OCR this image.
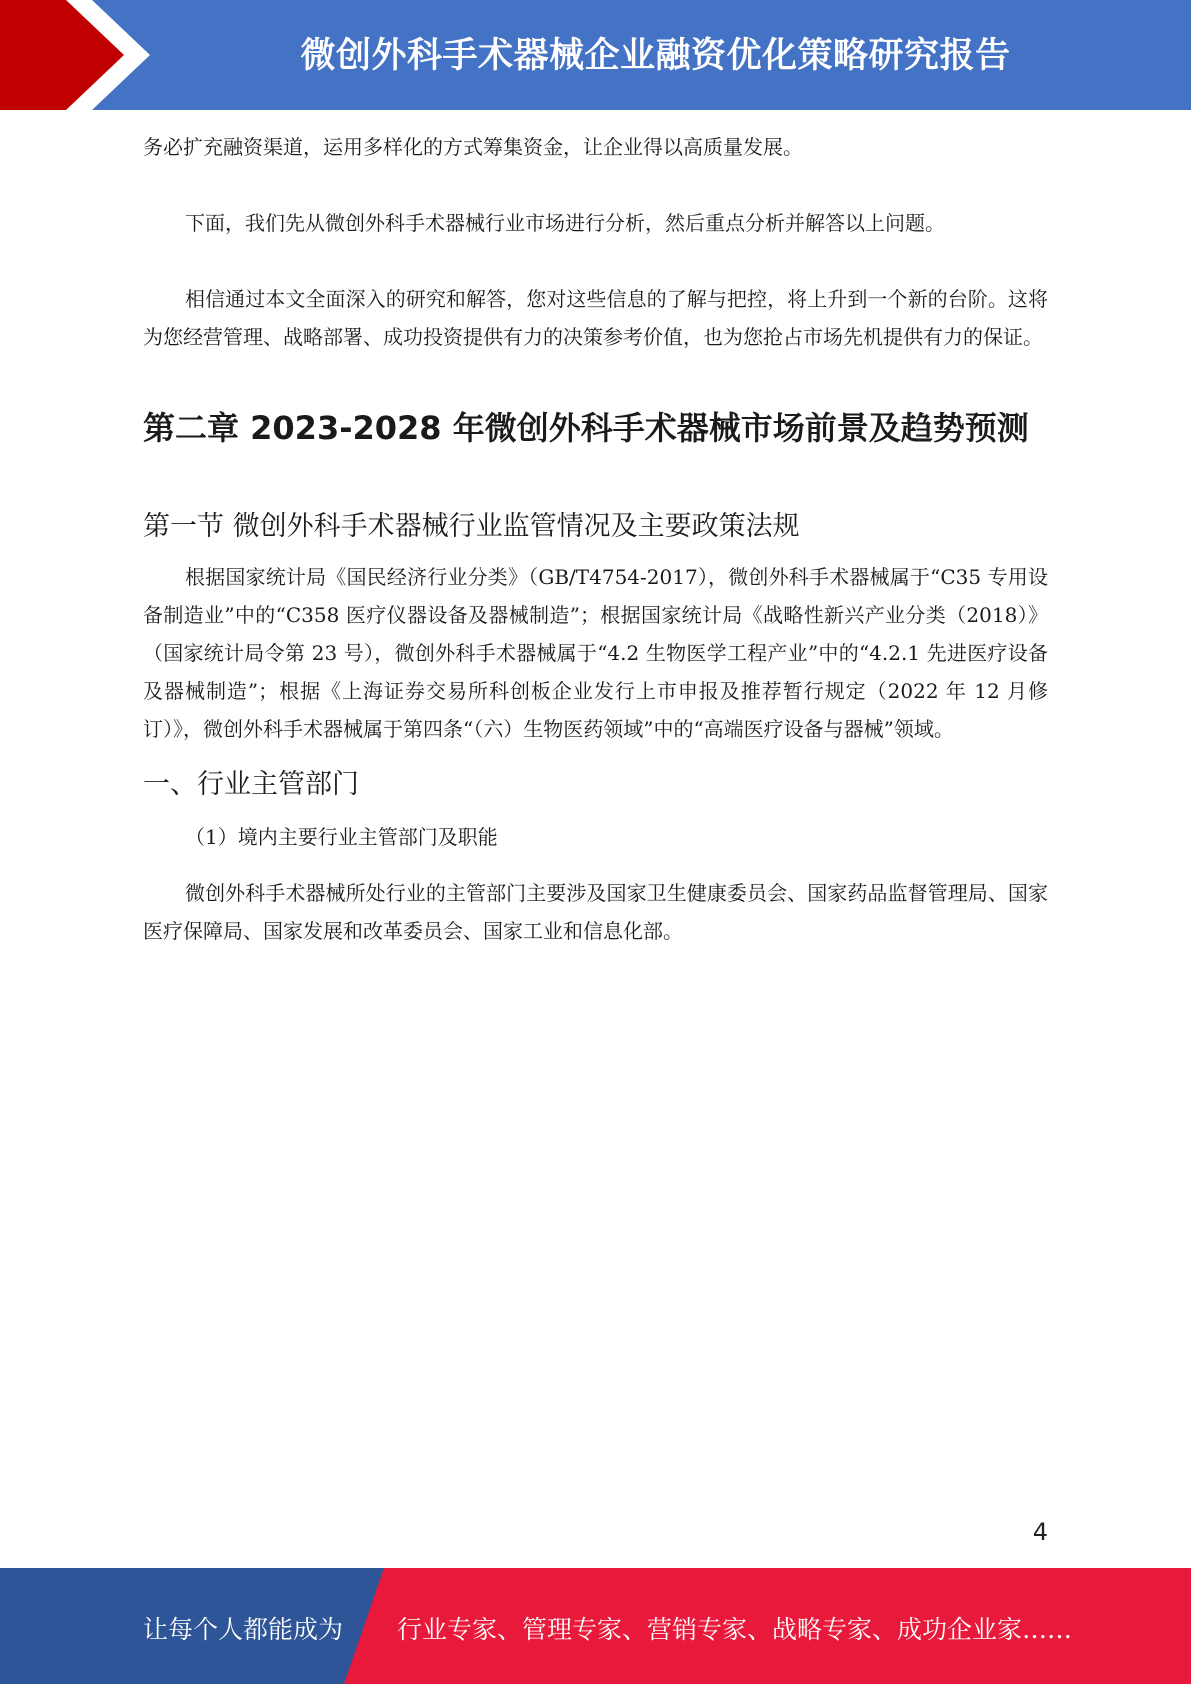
微创外科手术器械企业融资优化策略研究报告

务必扩充融资渠道，运用多样化的方式筹集资金，让企业得以高质量发展。

下面，我们先从微创外科手术器械行业市场进行分析，然后重点分析并解答以上问题。

相信通过本文全面深入的研究和解答，您对这些信息的了解与把控，将上升到一个新的台阶。这将为您经营管理、战略部署、成功投资提供有力的决策参考价值，也为您抢占市场先机提供有力的保证。

第二章 2023-2028 年微创外科手术器械市场前景及趋势预测
第一节 微创外科手术器械行业监管情况及主要政策法规

根据国家统计局《国民经济行业分类》（GB/T4754-2017），微创外科手术器械属于“C35 专用设备制造业”中的“C358 医疗仪器设备及器械制造”；根据国家统计局《战略性新兴产业分类（2018）》（国家统计局令第 23 号），微创外科手术器械属于“4.2 生物医学工程产业”中的“4.2.1 先进医疗设备及器械制造”；根据《上海证券交易所科创板企业发行上市申报及推荐暂行规定（2022 年 12 月修订）》，微创外科手术器械属于第四条“（六）生物医药领域”中的“高端医疗设备与器械”领域。

一、行业主管部门

（1）境内主要行业主管部门及职能

微创外科手术器械所处行业的主管部门主要涉及国家卫生健康委员会、国家药品监督管理局、国家医疗保障局、国家发展和改革委员会、国家工业和信息化部。

4
让每个人都能成为 行业专家、管理专家、营销专家、战略专家、成功企业家……
